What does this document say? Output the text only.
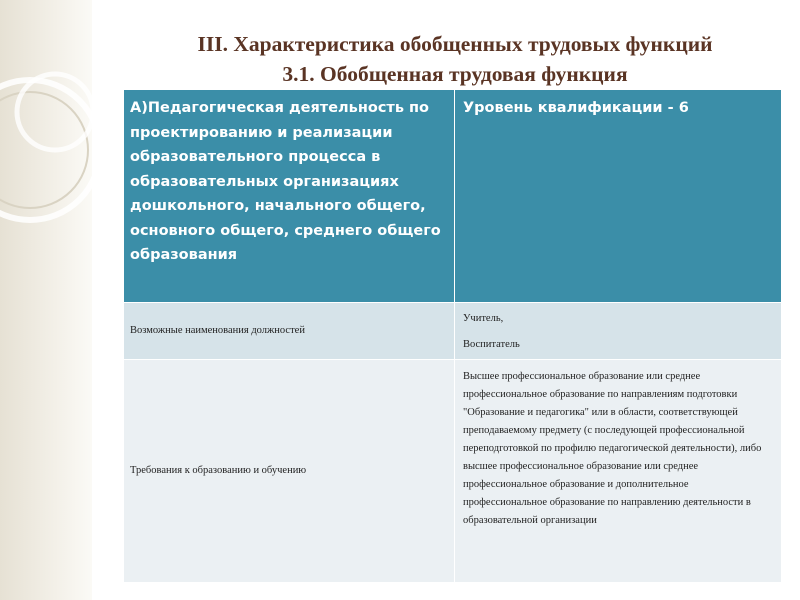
III. Характеристика обобщенных трудовых функций
3.1. Обобщенная трудовая функция
А)Педагогическая деятельность по проектированию и реализации образовательного процесса в образовательных организациях дошкольного, начального общего, основного общего, среднего общего образования	Уровень квалификации - 6

Возможные наименования должностей	Учитель,
Воспитатель

Требования к образованию и обучению	Высшее профессиональное образование или среднее профессиональное образование по направлениям подготовки "Образование и педагогика" или в области, соответствующей преподаваемому предмету (с последующей профессиональной переподготовкой по профилю педагогической деятельности), либо высшее профессиональное образование или среднее профессиональное образование и дополнительное профессиональное образование по направлению деятельности в образовательной организации
